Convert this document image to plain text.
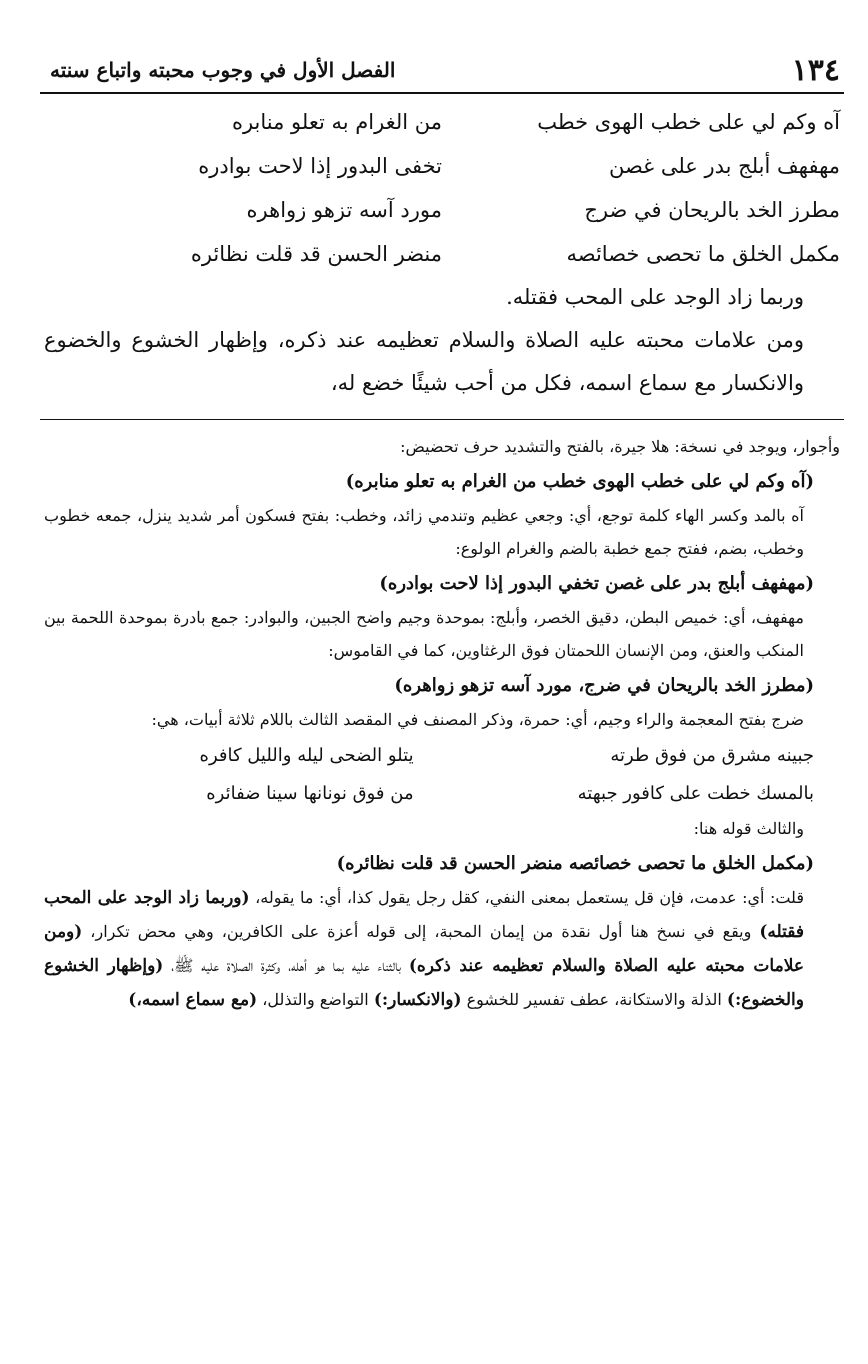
١٣٤
الفصل الأول في وجوب محبته واتباع سنته
آه وكم لي على خطب الهوى خطب
من الغرام به تعلو منابره
مهفهف أبلج بدر على غصن
تخفى البدور إذا لاحت بوادره
مطرز الخد بالريحان في ضرج
مورد آسه تزهو زواهره
مكمل الخلق ما تحصى خصائصه
منضر الحسن قد قلت نظائره

وربما زاد الوجد على المحب فقتله.

ومن علامات محبته عليه الصلاة والسلام تعظيمه عند ذكره، وإظهار الخشوع والخضوع والانكسار مع سماع اسمه، فكل من أحب شيئًا خضع له،

وأجوار، ويوجد في نسخة: هلا جيرة، بالفتح والتشديد حرف تحضيض:

(آه وكم لي على خطب الهوى خطب من الغرام به تعلو منابره)

آه بالمد وكسر الهاء كلمة توجع، أي: وجعي عظيم وتندمي زائد، وخطب: بفتح فسكون أمر شديد ينزل، جمعه خطوب وخطب، بضم، ففتح جمع خطبة بالضم والغرام الولوع:

(مهفهف أبلج بدر على غصن تخفي البدور إذا لاحت بوادره)

مهفهف، أي: خميص البطن، دقيق الخصر، وأبلج: بموحدة وجيم واضح الجبين، والبوادر: جمع بادرة بموحدة اللحمة بين المنكب والعنق، ومن الإنسان اللحمتان فوق الرغثاوين، كما في القاموس:

(مطرز الخد بالريحان في ضرج، مورد آسه تزهو زواهره)

ضرج بفتح المعجمة والراء وجيم، أي: حمرة، وذكر المصنف في المقصد الثالث باللام ثلاثة أبيات، هي:

جبينه مشرق من فوق طرته
يتلو الضحى ليله والليل كافره
بالمسك خطت على كافور جبهته
من فوق نونانها سينا ضفائره

والثالث قوله هنا:

(مكمل الخلق ما تحصى خصائصه منضر الحسن قد قلت نظائره)

قلت: أي: عدمت، فإن قل يستعمل بمعنى النفي، كقل رجل يقول كذا، أي: ما يقوله، (وربما زاد الوجد على المحب فقتله) ويقع في نسخ هنا أول نقدة من إيمان المحبة، إلى قوله أعزة على الكافرين، وهي محض تكرار، (ومن علامات محبته عليه الصلاة والسلام تعظيمه عند ذكره) بالثناء عليه بما هو أهله، وكثرة الصلاة عليه ﷺ، (وإظهار الخشوع والخضوع:) الذلة والاستكانة، عطف تفسير للخشوع (والانكسار:) التواضع والتذلل، (مع سماع اسمه،)
